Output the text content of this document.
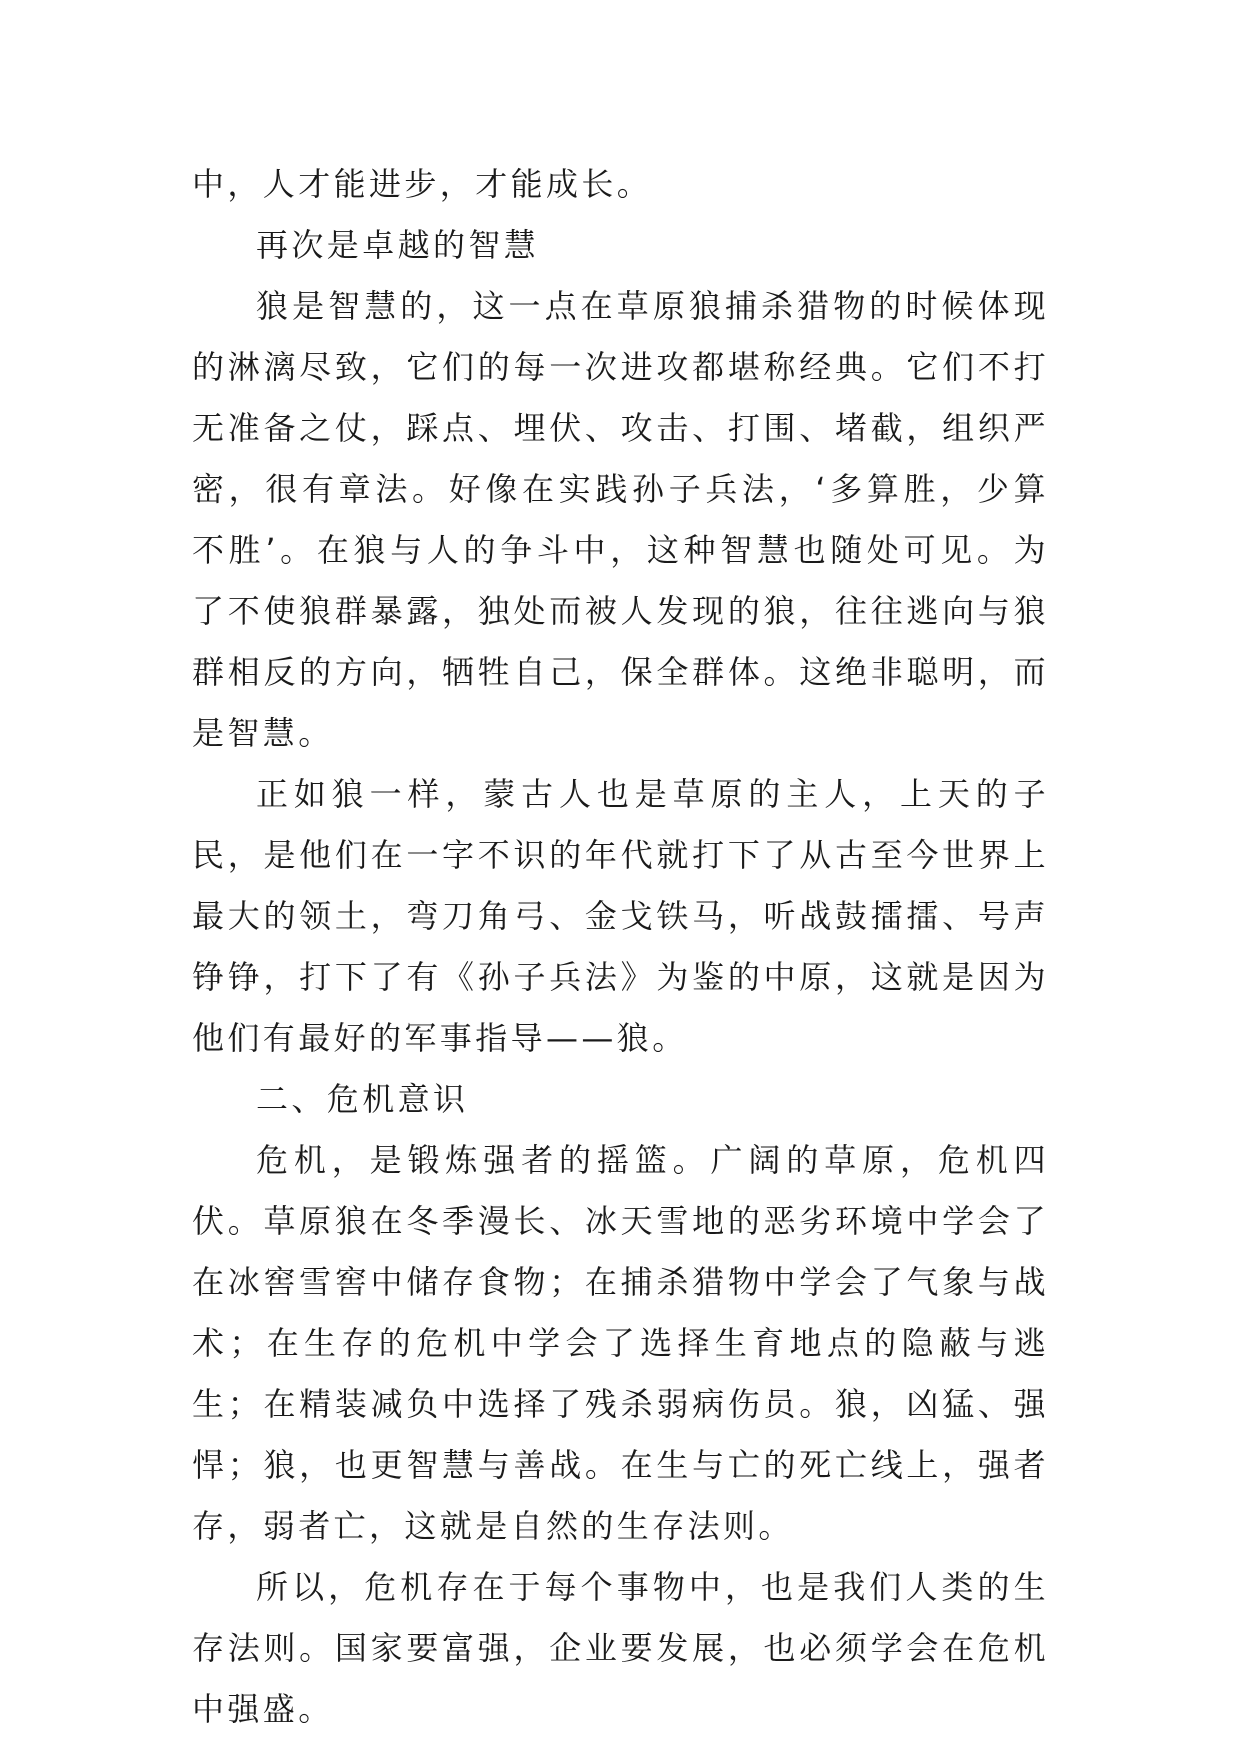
中，人才能进步，才能成长。

再次是卓越的智慧

狼是智慧的，这一点在草原狼捕杀猎物的时候体现的淋漓尽致，它们的每一次进攻都堪称经典。它们不打无准备之仗，踩点、埋伏、攻击、打围、堵截，组织严密，很有章法。好像在实践孙子兵法，‘多算胜，少算不胜’。在狼与人的争斗中，这种智慧也随处可见。为了不使狼群暴露，独处而被人发现的狼，往往逃向与狼群相反的方向，牺牲自己，保全群体。这绝非聪明，而是智慧。

正如狼一样，蒙古人也是草原的主人，上天的子民，是他们在一字不识的年代就打下了从古至今世界上最大的领土，弯刀角弓、金戈铁马，听战鼓擂擂、号声铮铮，打下了有《孙子兵法》为鉴的中原，这就是因为他们有最好的军事指导——狼。

二、危机意识

危机，是锻炼强者的摇篮。广阔的草原，危机四伏。草原狼在冬季漫长、冰天雪地的恶劣环境中学会了在冰窖雪窖中储存食物；在捕杀猎物中学会了气象与战术；在生存的危机中学会了选择生育地点的隐蔽与逃生；在精装减负中选择了残杀弱病伤员。狼，凶猛、强悍；狼，也更智慧与善战。在生与亡的死亡线上，强者存，弱者亡，这就是自然的生存法则。

所以，危机存在于每个事物中，也是我们人类的生存法则。国家要富强，企业要发展，也必须学会在危机中强盛。
